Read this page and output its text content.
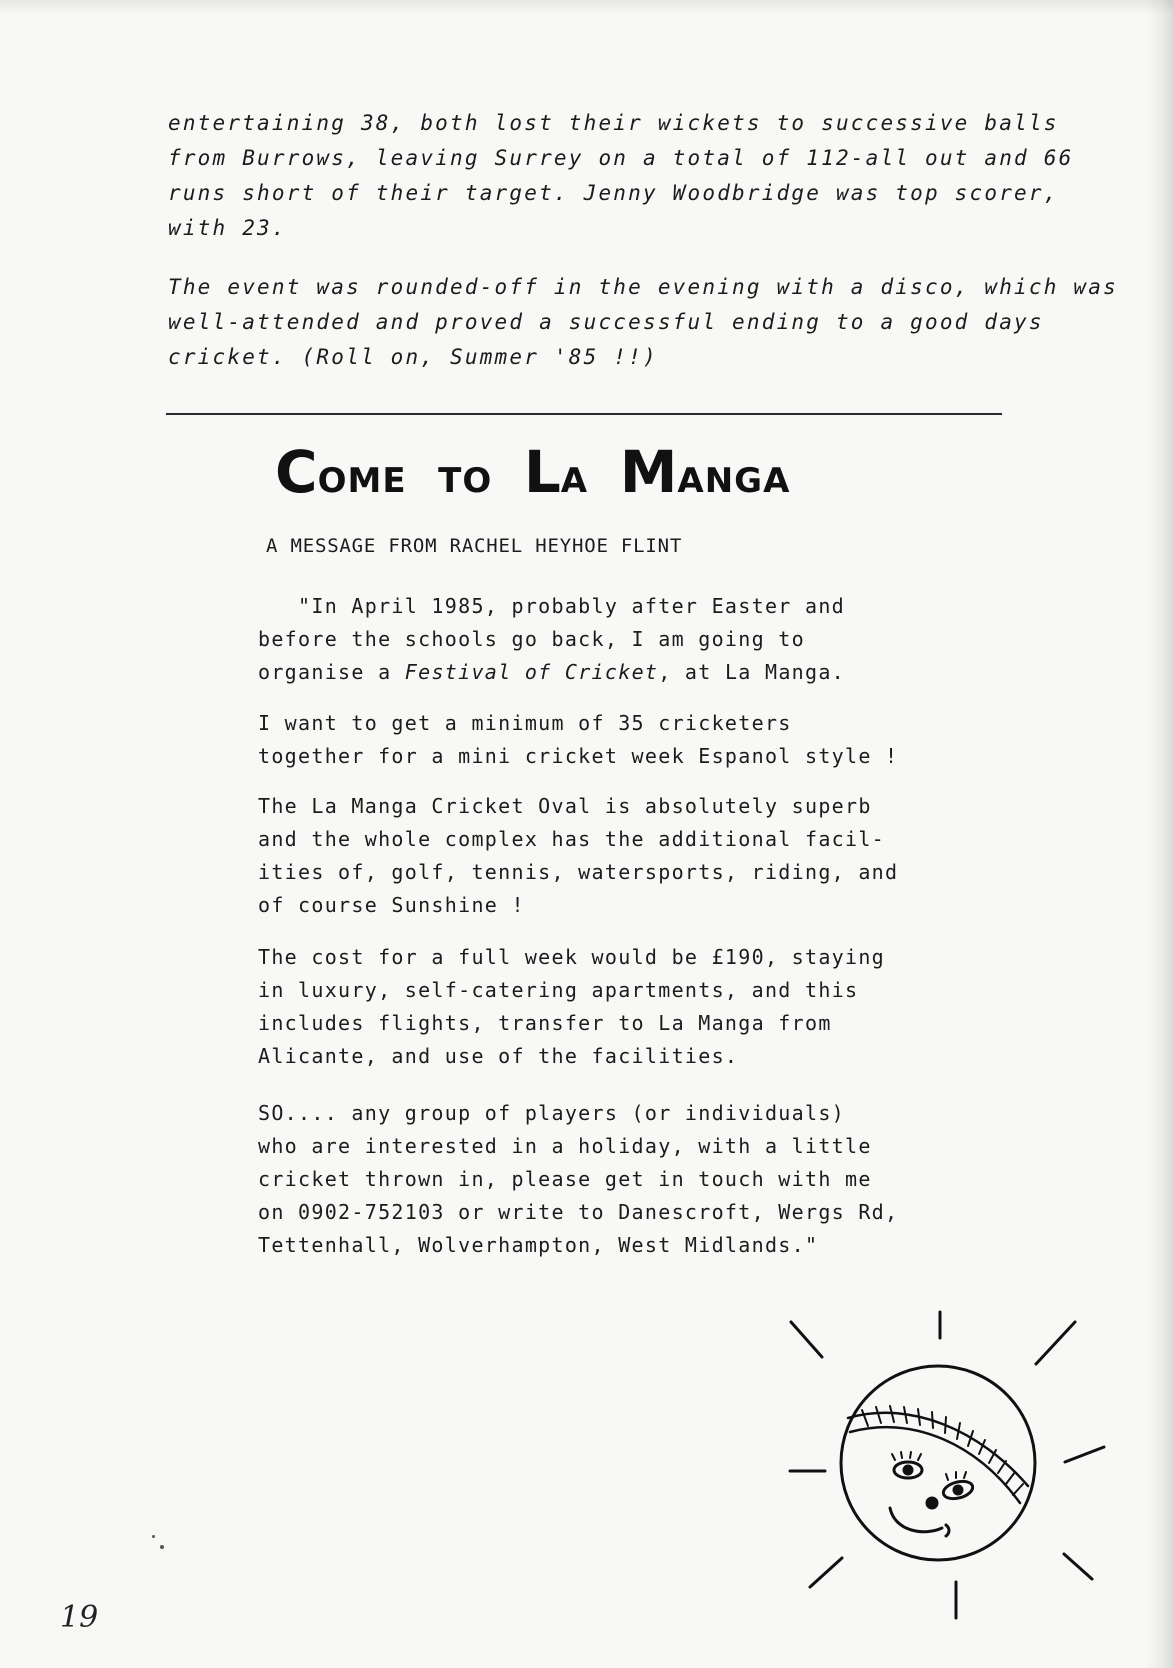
entertaining 38, both lost their wickets to successive balls
from Burrows, leaving Surrey on a total of 112-all out and 66
runs short of their target. Jenny Woodbridge was top scorer,
with 23.
The event was rounded-off in the evening with a disco, which was
well-attended and proved a successful ending to a good days
cricket. (Roll on, Summer '85 !!)
COME TO LA MANGA
A MESSAGE FROM RACHEL HEYHOE FLINT
"In April 1985, probably after Easter and
before the schools go back, I am going to
organise a Festival of Cricket, at La Manga.
I want to get a minimum of 35 cricketers
together for a mini cricket week Espanol style !
The La Manga Cricket Oval is absolutely superb
and the whole complex has the additional facil-
ities of, golf, tennis, watersports, riding, and
of course Sunshine !
The cost for a full week would be £190, staying
in luxury, self-catering apartments, and this
includes flights, transfer to La Manga from
Alicante, and use of the facilities.
SO.... any group of players (or individuals)
who are interested in a holiday, with a little
cricket thrown in, please get in touch with me
on 0902-752103 or write to Danescroft, Wergs Rd,
Tettenhall, Wolverhampton, West Midlands."
19
